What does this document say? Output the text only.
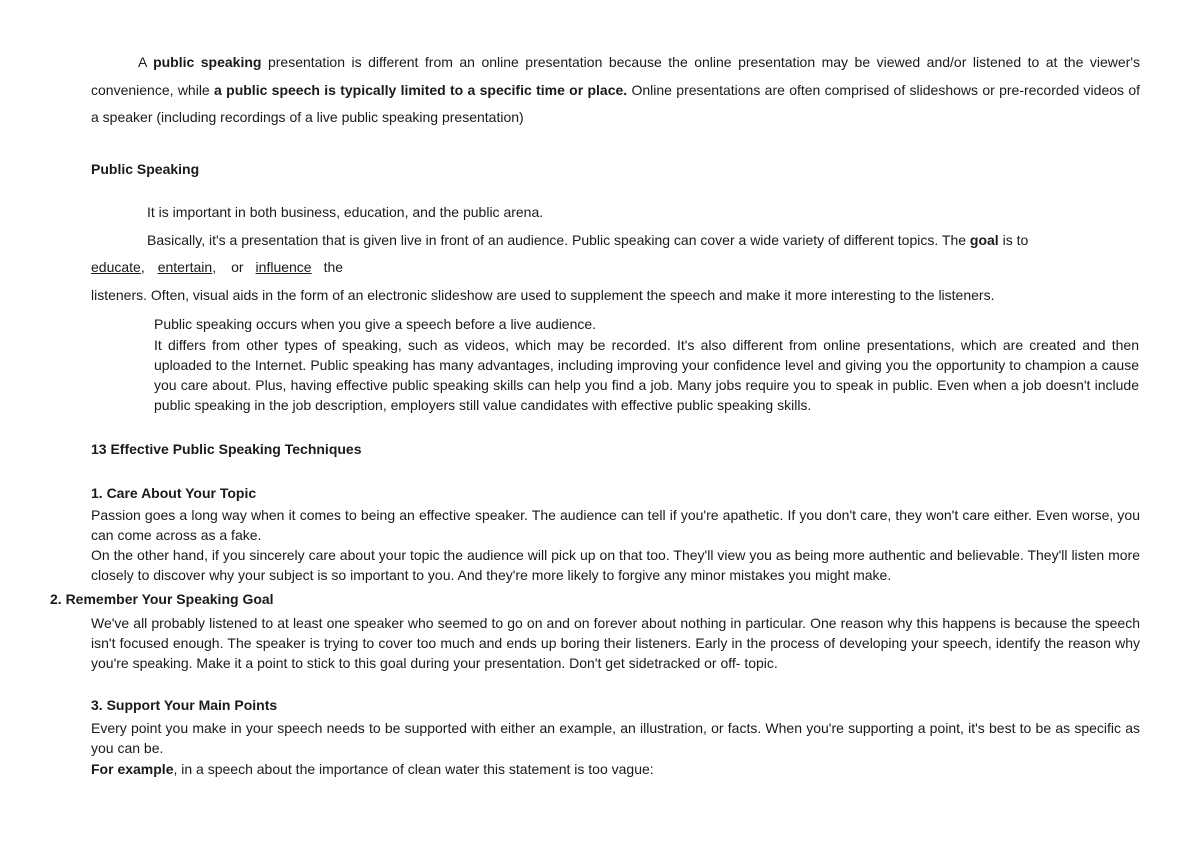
A public speaking presentation is different from an online presentation because the online presentation may be viewed and/or listened to at the viewer's convenience, while a public speech is typically limited to a specific time or place. Online presentations are often comprised of slideshows or pre-recorded videos of a speaker (including recordings of a live public speaking presentation)

Public Speaking
It is important in both business, education, and the public arena.
Basically, it's a presentation that is given live in front of an audience. Public speaking can cover a wide variety of different topics. The goal is to
educate, entertain, or influence the
listeners. Often, visual aids in the form of an electronic slideshow are used to supplement the speech and make it more interesting to the listeners.
Public speaking occurs when you give a speech before a live audience.
It differs from other types of speaking, such as videos, which may be recorded. It's also different from online presentations, which are created and then uploaded to the Internet. Public speaking has many advantages, including improving your confidence level and giving you the opportunity to champion a cause you care about. Plus, having effective public speaking skills can help you find a job. Many jobs require you to speak in public. Even when a job doesn't include public speaking in the job description, employers still value candidates with effective public speaking skills.
13 Effective Public Speaking Techniques
1. Care About Your Topic
Passion goes a long way when it comes to being an effective speaker. The audience can tell if you're apathetic. If you don't care, they won't care either. Even worse, you can come across as a fake.
On the other hand, if you sincerely care about your topic the audience will pick up on that too. They'll view you as being more authentic and believable. They'll listen more closely to discover why your subject is so important to you. And they're more likely to forgive any minor mistakes you might make.
2. Remember Your Speaking Goal
We've all probably listened to at least one speaker who seemed to go on and on forever about nothing in particular. One reason why this happens is because the speech isn't focused enough. The speaker is trying to cover too much and ends up boring their listeners. Early in the process of developing your speech, identify the reason why you're speaking. Make it a point to stick to this goal during your presentation. Don't get sidetracked or off- topic.
3. Support Your Main Points
Every point you make in your speech needs to be supported with either an example, an illustration, or facts. When you're supporting a point, it's best to be as specific as you can be.
For example, in a speech about the importance of clean water this statement is too vague:
